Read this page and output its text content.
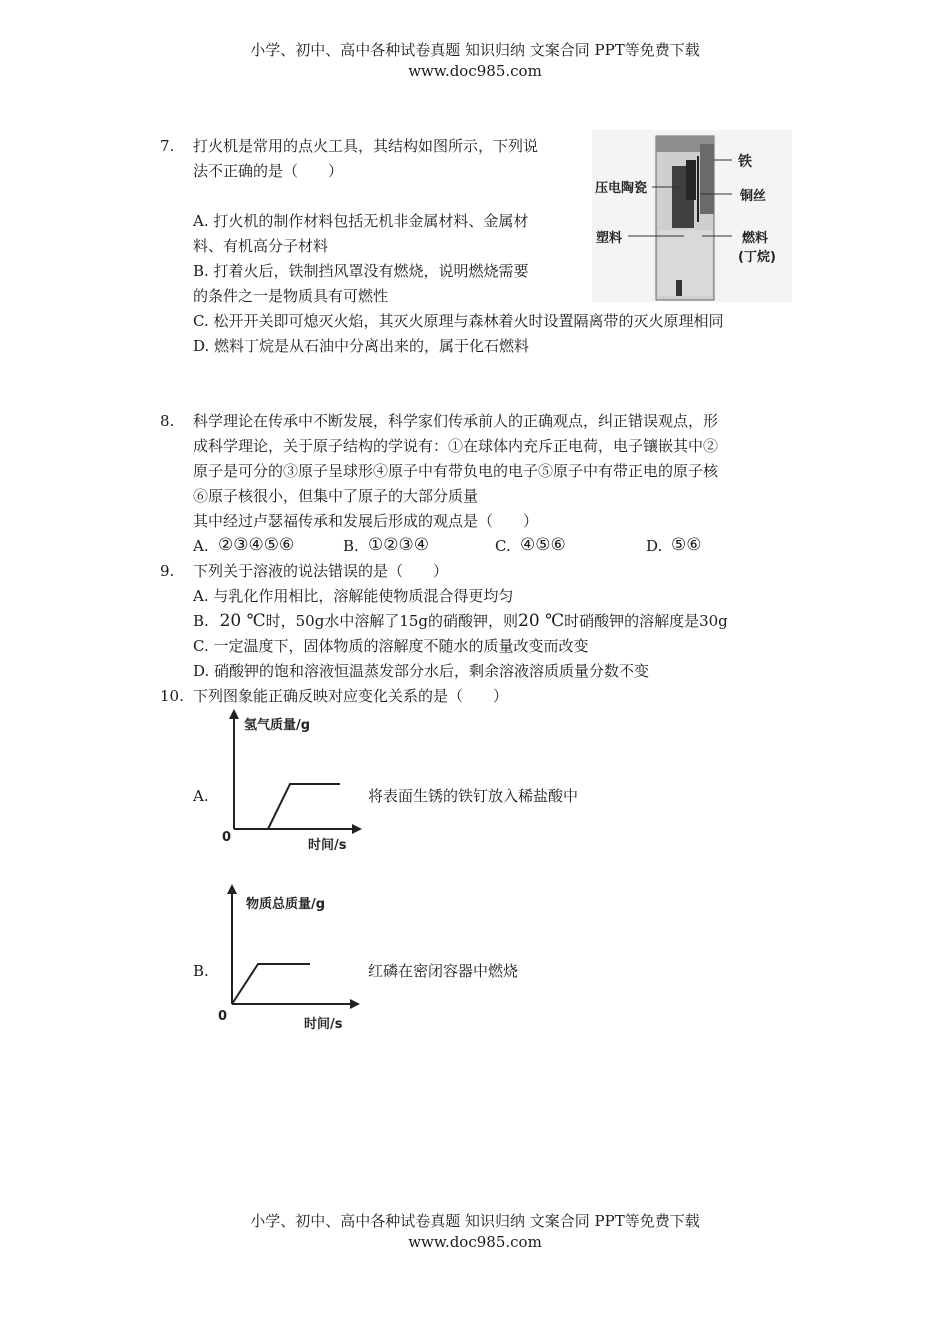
小学、初中、高中各种试卷真题 知识归纳 文案合同 PPT等免费下载
www.doc985.com
7. 打火机是常用的点火工具，其结构如图所示，下列说
法不正确的是（　　）
A. 打火机的制作材料包括无机非金属材料、金属材
料、有机高分子材料
B. 打着火后，铁制挡风罩没有燃烧，说明燃烧需要
的条件之一是物质具有可燃性
C. 松开开关即可熄灭火焰，其灭火原理与森林着火时设置隔离带的灭火原理相同
D. 燃料丁烷是从石油中分离出来的，属于化石燃料
铁
压电陶瓷
铜丝
塑料	燃料
(丁烷)
8. 科学理论在传承中不断发展，科学家们传承前人的正确观点，纠正错误观点，形
成科学理论，关于原子结构的学说有：①在球体内充斥正电荷，电子镶嵌其中②
原子是可分的③原子呈球形④原子中有带负电的电子⑤原子中有带正电的原子核
⑥原子核很小，但集中了原子的大部分质量
其中经过卢瑟福传承和发展后形成的观点是（　　）
A. ②③④⑤⑥	B. ①②③④	C. ④⑤⑥	D. ⑤⑥
9. 下列关于溶液的说法错误的是（　　）
A. 与乳化作用相比，溶解能使物质混合得更均匀
B. 20 ℃时，50g水中溶解了15g的硝酸钾，则20 ℃时硝酸钾的溶解度是30g
C. 一定温度下，固体物质的溶解度不随水的质量改变而改变
D. 硝酸钾的饱和溶液恒温蒸发部分水后，剩余溶液溶质质量分数不变
10. 下列图象能正确反映对应变化关系的是（　　）
A.
氢气质量/g
0
时间/s
将表面生锈的铁钉放入稀盐酸中
B.
物质总质量/g
0
时间/s
红磷在密闭容器中燃烧
小学、初中、高中各种试卷真题 知识归纳 文案合同 PPT等免费下载
www.doc985.com
